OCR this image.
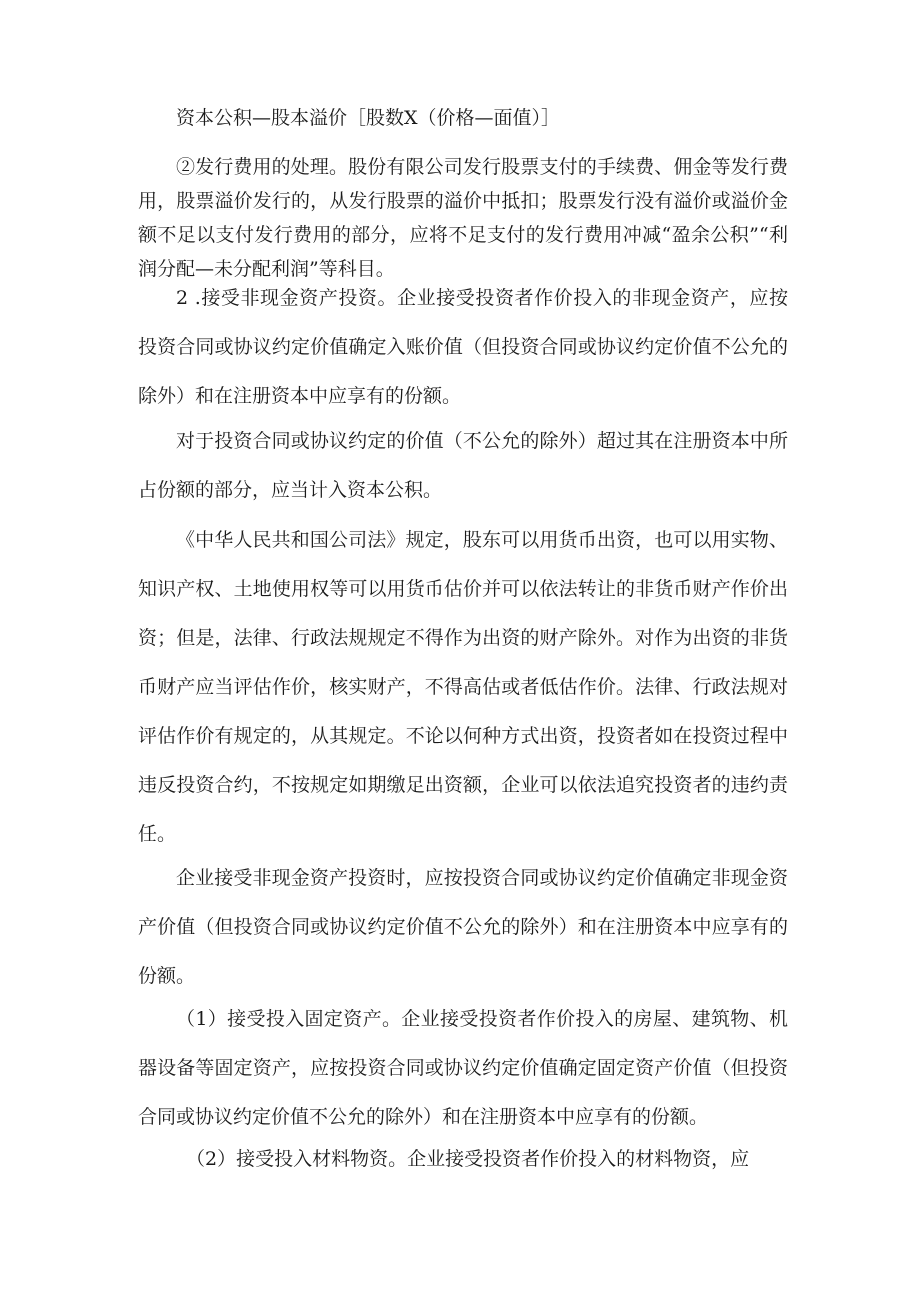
资本公积—股本溢价［股数X（价格—面值）］

②发行费用的处理。股份有限公司发行股票支付的手续费、佣金等发行费用，股票溢价发行的，从发行股票的溢价中抵扣；股票发行没有溢价或溢价金额不足以支付发行费用的部分，应将不足支付的发行费用冲减“盈余公积”“利润分配—未分配利润”等科目。

2 .接受非现金资产投资。企业接受投资者作价投入的非现金资产，应按投资合同或协议约定价值确定入账价值（但投资合同或协议约定价值不公允的除外）和在注册资本中应享有的份额。

对于投资合同或协议约定的价值（不公允的除外）超过其在注册资本中所占份额的部分，应当计入资本公积。

《中华人民共和国公司法》规定，股东可以用货币出资，也可以用实物、知识产权、土地使用权等可以用货币估价并可以依法转让的非货币财产作价出资；但是，法律、行政法规规定不得作为出资的财产除外。对作为出资的非货币财产应当评估作价，核实财产，不得高估或者低估作价。法律、行政法规对评估作价有规定的，从其规定。不论以何种方式出资，投资者如在投资过程中违反投资合约，不按规定如期缴足出资额，企业可以依法追究投资者的违约责任。

企业接受非现金资产投资时，应按投资合同或协议约定价值确定非现金资产价值（但投资合同或协议约定价值不公允的除外）和在注册资本中应享有的份额。

（1）接受投入固定资产。企业接受投资者作价投入的房屋、建筑物、机器设备等固定资产，应按投资合同或协议约定价值确定固定资产价值（但投资合同或协议约定价值不公允的除外）和在注册资本中应享有的份额。

（2）接受投入材料物资。企业接受投资者作价投入的材料物资，应
